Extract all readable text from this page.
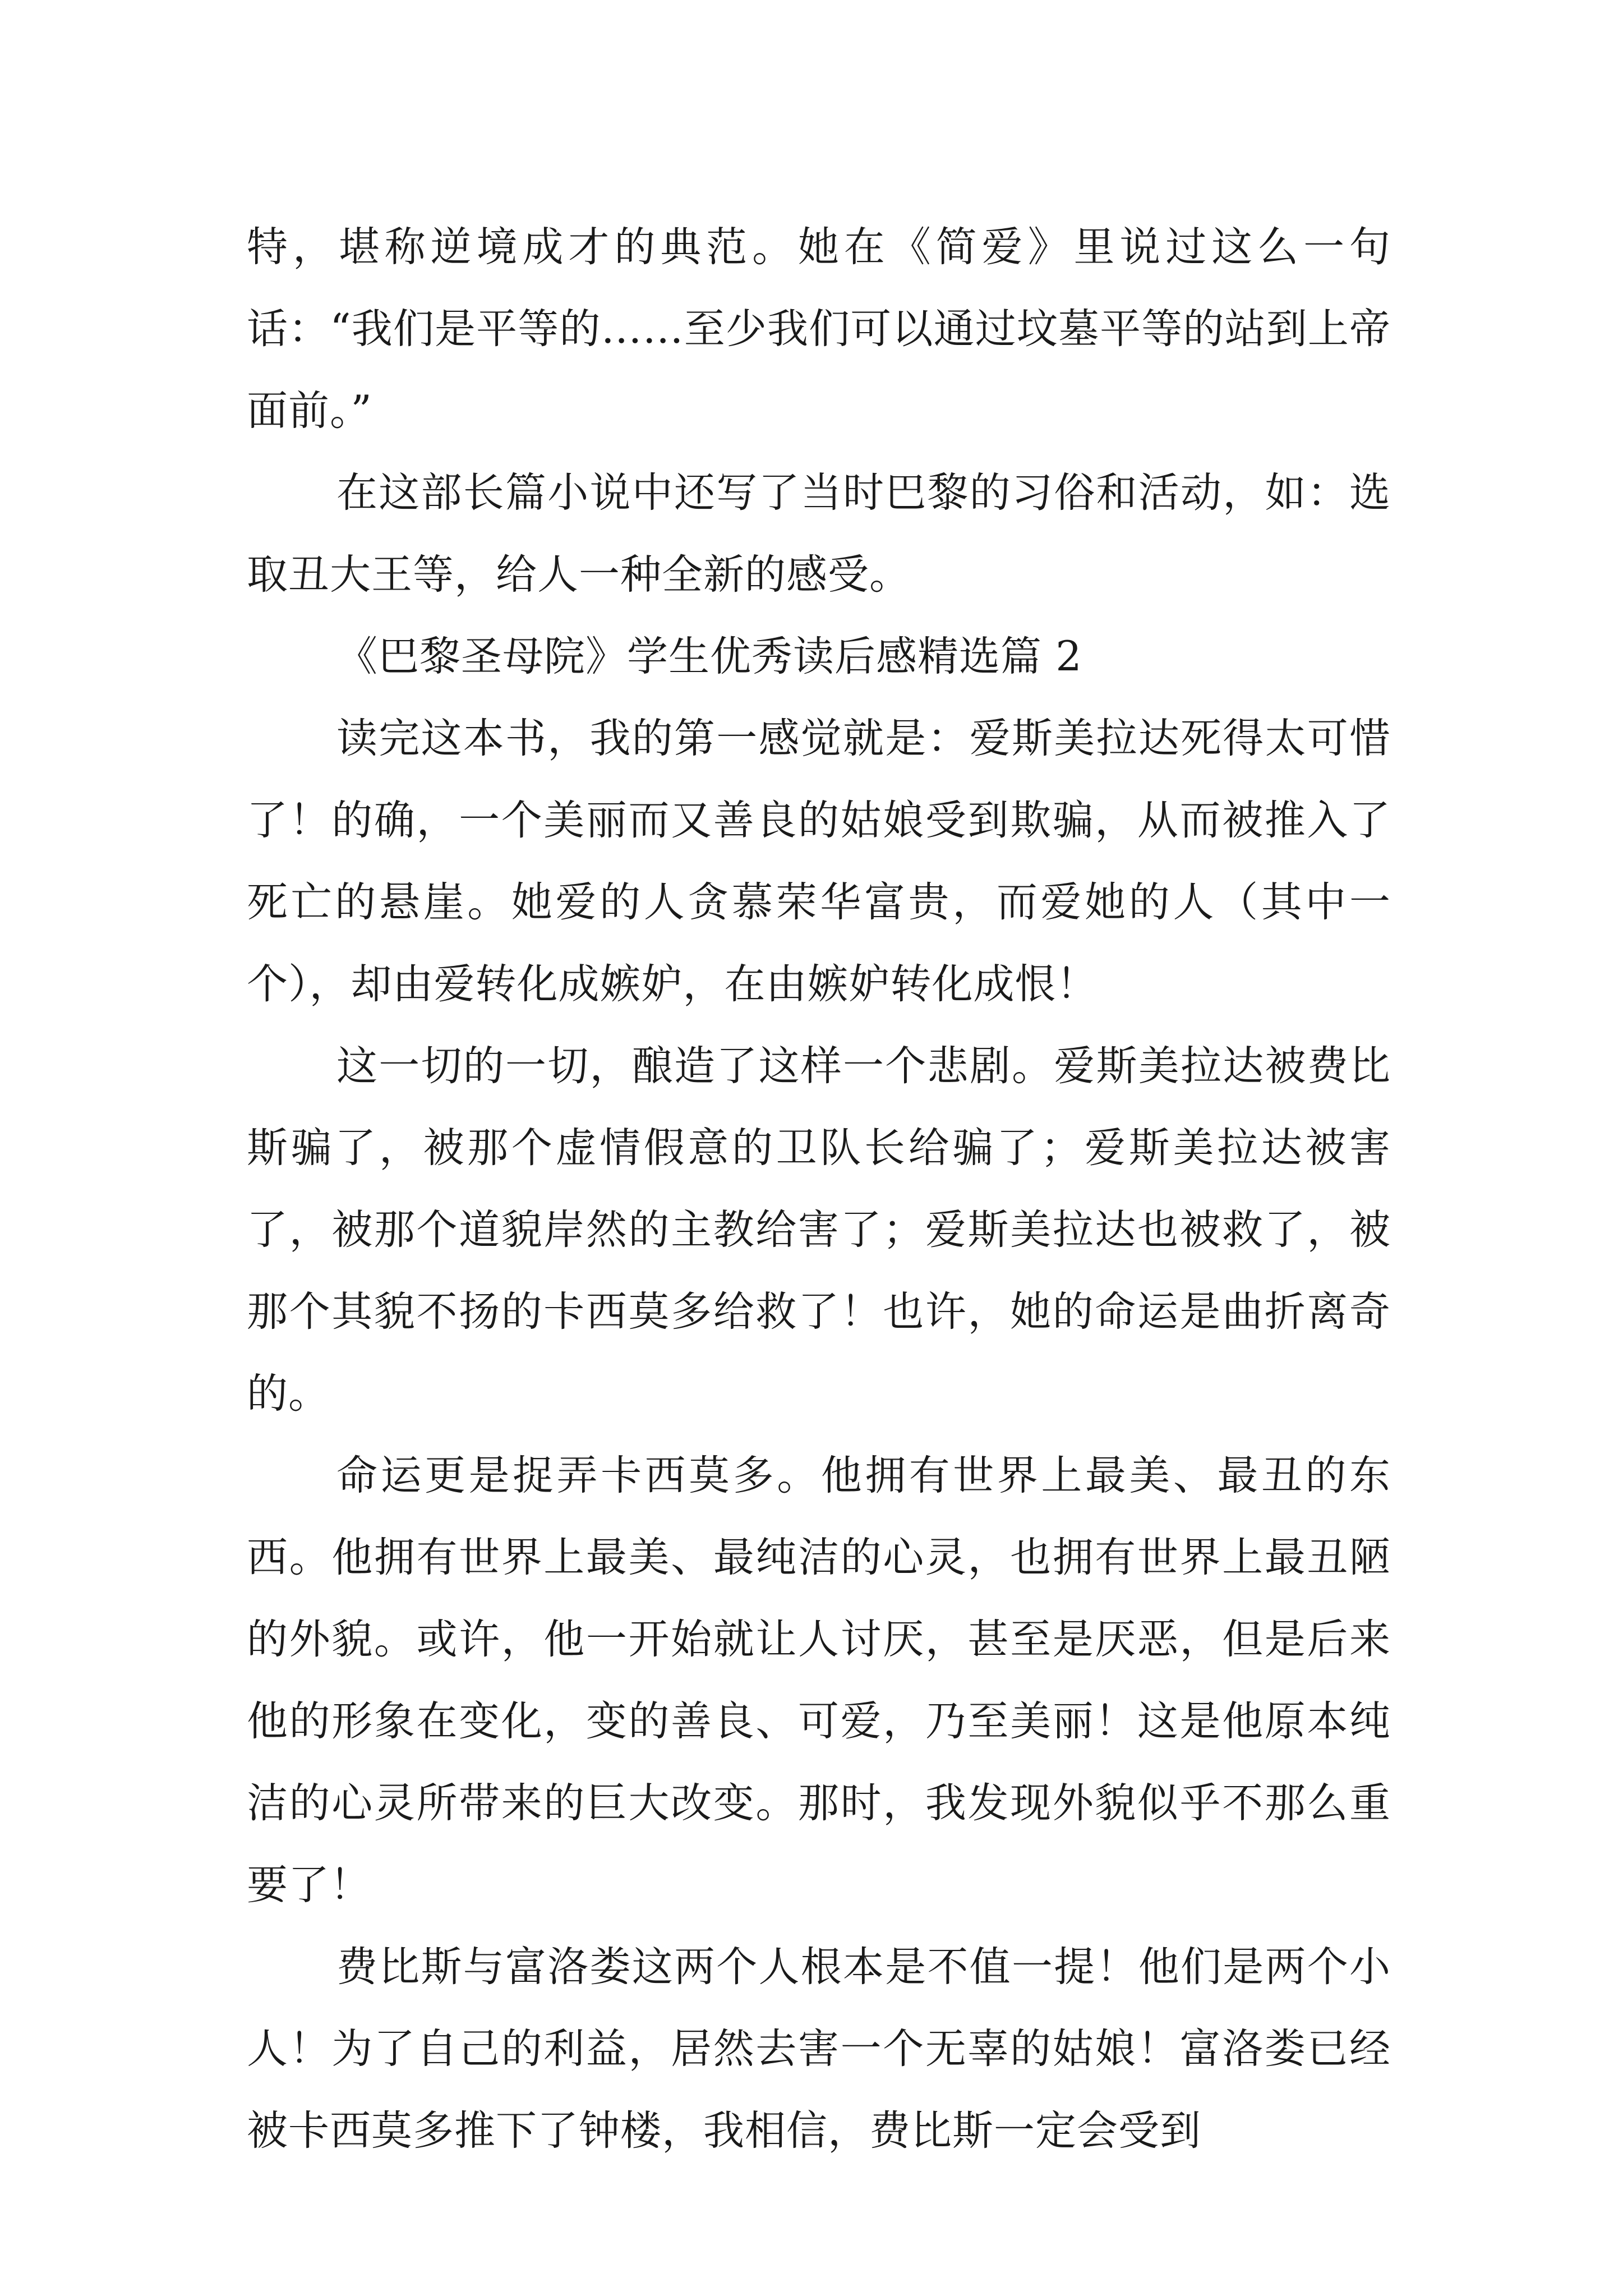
特，堪称逆境成才的典范。她在《简爱》里说过这么一句话：“我们是平等的……至少我们可以通过坟墓平等的站到上帝面前。”

在这部长篇小说中还写了当时巴黎的习俗和活动，如：选取丑大王等，给人一种全新的感受。

《巴黎圣母院》学生优秀读后感精选篇 2

读完这本书，我的第一感觉就是：爱斯美拉达死得太可惜了！的确，一个美丽而又善良的姑娘受到欺骗，从而被推入了死亡的悬崖。她爱的人贪慕荣华富贵，而爱她的人（其中一个），却由爱转化成嫉妒，在由嫉妒转化成恨！

这一切的一切，酿造了这样一个悲剧。爱斯美拉达被费比斯骗了，被那个虚情假意的卫队长给骗了；爱斯美拉达被害了，被那个道貌岸然的主教给害了；爱斯美拉达也被救了，被那个其貌不扬的卡西莫多给救了！也许，她的命运是曲折离奇的。

命运更是捉弄卡西莫多。他拥有世界上最美、最丑的东西。他拥有世界上最美、最纯洁的心灵，也拥有世界上最丑陋的外貌。或许，他一开始就让人讨厌，甚至是厌恶，但是后来他的形象在变化，变的善良、可爱，乃至美丽！这是他原本纯洁的心灵所带来的巨大改变。那时，我发现外貌似乎不那么重要了！

费比斯与富洛娄这两个人根本是不值一提！他们是两个小人！为了自己的利益，居然去害一个无辜的姑娘！富洛娄已经被卡西莫多推下了钟楼，我相信，费比斯一定会受到
